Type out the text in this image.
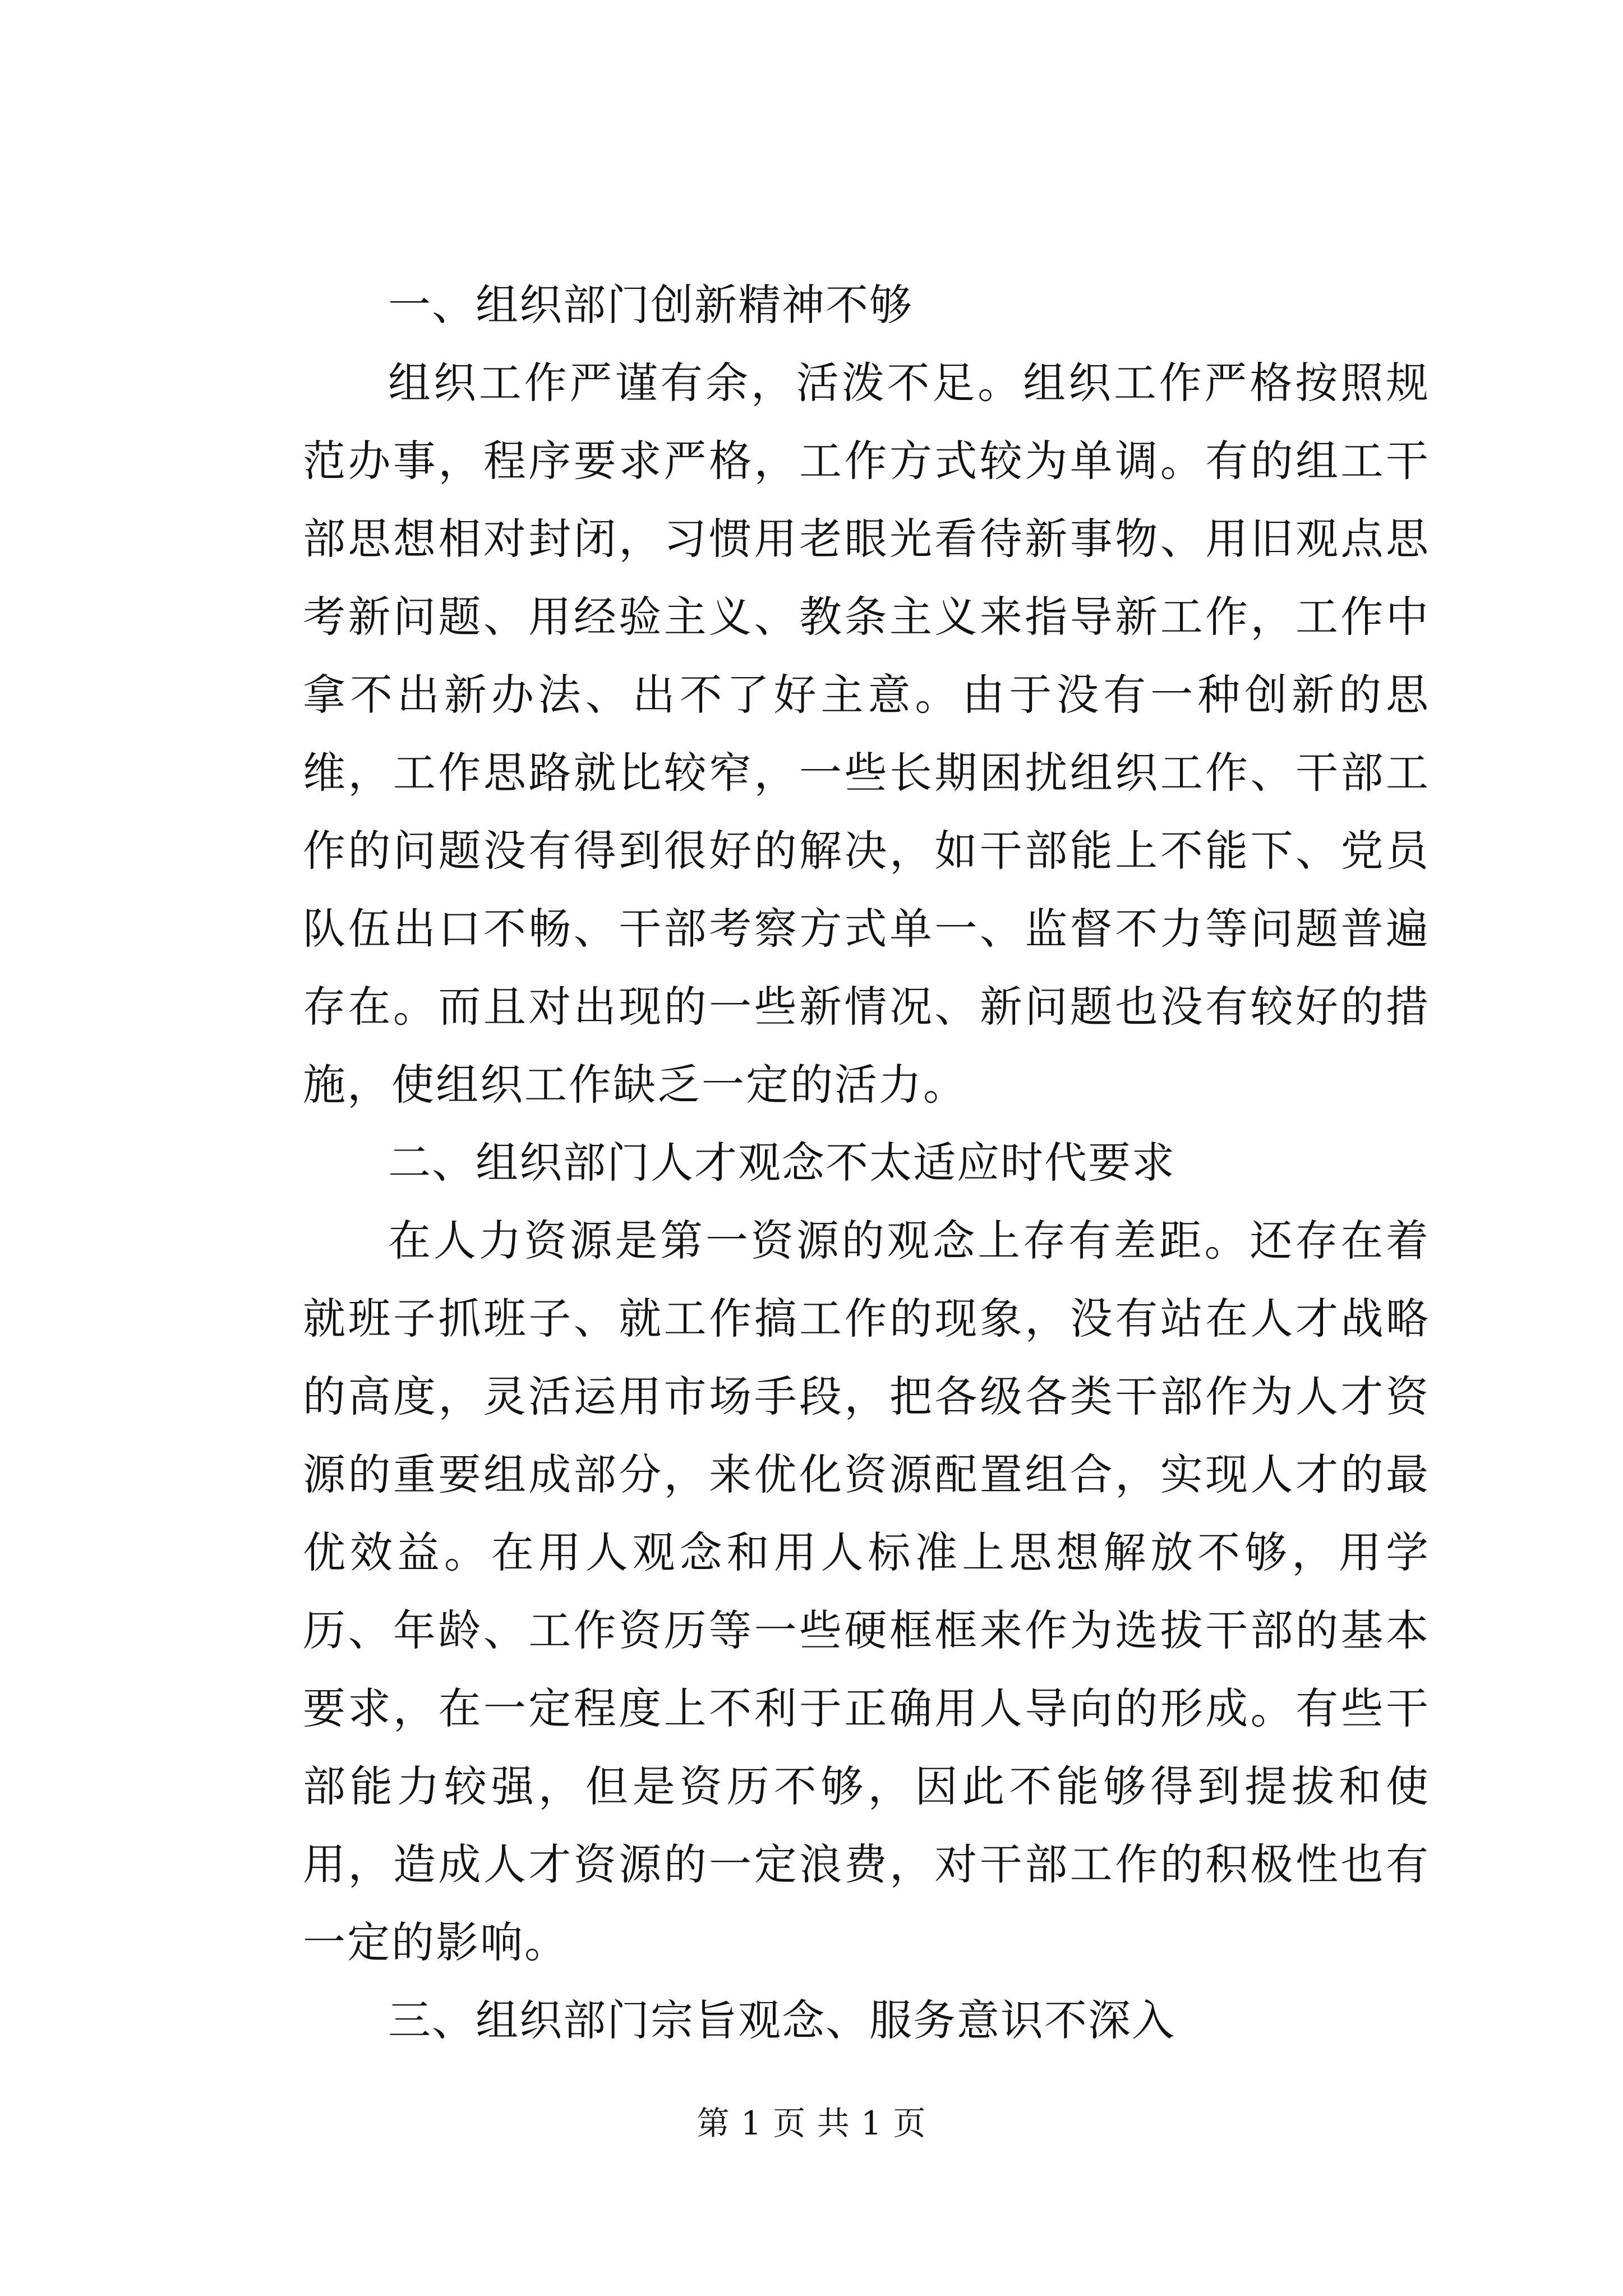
一、组织部门创新精神不够

组织工作严谨有余，活泼不足。组织工作严格按照规范办事，程序要求严格，工作方式较为单调。有的组工干部思想相对封闭，习惯用老眼光看待新事物、用旧观点思考新问题、用经验主义、教条主义来指导新工作，工作中拿不出新办法、出不了好主意。由于没有一种创新的思维，工作思路就比较窄，一些长期困扰组织工作、干部工作的问题没有得到很好的解决，如干部能上不能下、党员队伍出口不畅、干部考察方式单一、监督不力等问题普遍存在。而且对出现的一些新情况、新问题也没有较好的措施，使组织工作缺乏一定的活力。

二、组织部门人才观念不太适应时代要求

在人力资源是第一资源的观念上存有差距。还存在着就班子抓班子、就工作搞工作的现象，没有站在人才战略的高度，灵活运用市场手段，把各级各类干部作为人才资源的重要组成部分，来优化资源配置组合，实现人才的最优效益。在用人观念和用人标准上思想解放不够，用学历、年龄、工作资历等一些硬框框来作为选拔干部的基本要求，在一定程度上不利于正确用人导向的形成。有些干部能力较强，但是资历不够，因此不能够得到提拔和使用，造成人才资源的一定浪费，对干部工作的积极性也有一定的影响。

三、组织部门宗旨观念、服务意识不深入

第 1 页 共 1 页
